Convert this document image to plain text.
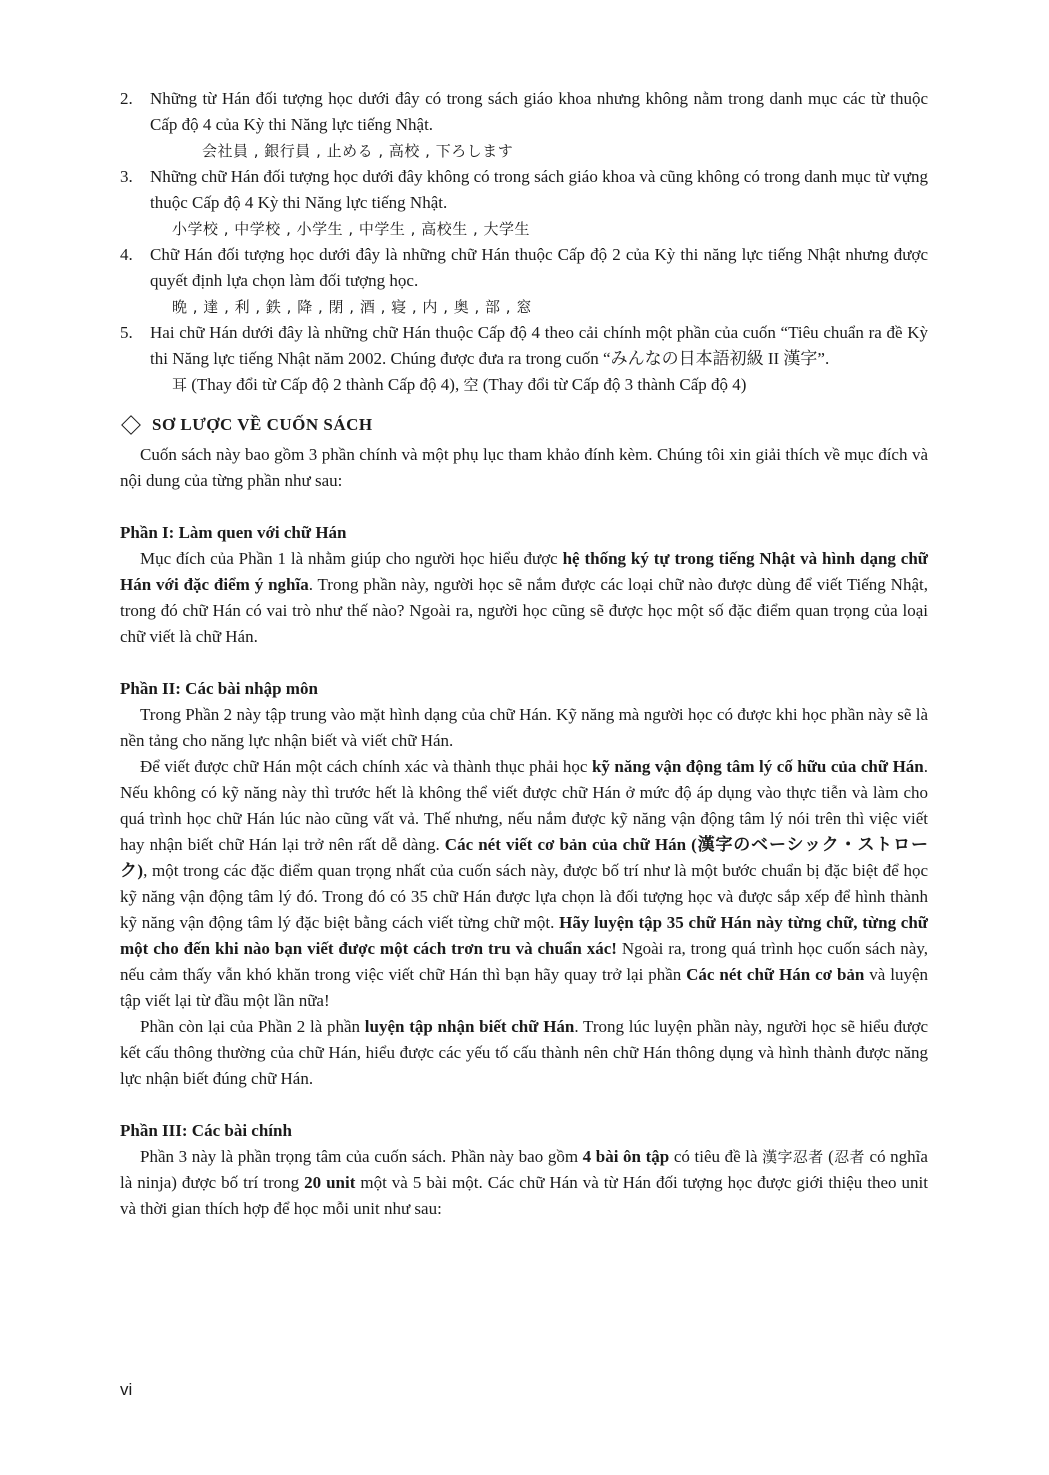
2.	Những từ Hán đối tượng học dưới đây có trong sách giáo khoa nhưng không nằm trong danh mục các từ thuộc Cấp độ 4 của Kỳ thi Năng lực tiếng Nhật.
会社員 , 銀行員 , 止める , 高校 , 下ろします
3.	Những chữ Hán đối tượng học dưới đây không có trong sách giáo khoa và cũng không có trong danh mục từ vựng thuộc Cấp độ 4 Kỳ thi Năng lực tiếng Nhật.
小学校 , 中学校 , 小学生 , 中学生 , 高校生 , 大学生
4.	Chữ Hán đối tượng học dưới đây là những chữ Hán thuộc Cấp độ 2 của Kỳ thi năng lực tiếng Nhật nhưng được quyết định lựa chọn làm đối tượng học.
晩 , 達 , 利 , 鉄 , 降 , 閉 , 酒 , 寝 , 内 , 奥 , 部 , 窓
5.	Hai chữ Hán dưới đây là những chữ Hán thuộc Cấp độ 4 theo cải chính một phần của cuốn “Tiêu chuẩn ra đề Kỳ thi Năng lực tiếng Nhật năm 2002. Chúng được đưa ra trong cuốn “みんなの日本語初級 II 漢字”.
耳 (Thay đổi từ Cấp độ 2 thành Cấp độ 4), 空 (Thay đổi từ Cấp độ 3 thành Cấp độ 4)
SƠ LƯỢC VỀ CUỐN SÁCH

Cuốn sách này bao gồm 3 phần chính và một phụ lục tham khảo đính kèm. Chúng tôi xin giải thích về mục đích và nội dung của từng phần như sau:

Phần I: Làm quen với chữ Hán

Mục đích của Phần 1 là nhằm giúp cho người học hiểu được hệ thống ký tự trong tiếng Nhật và hình dạng chữ Hán với đặc điểm ý nghĩa. Trong phần này, người học sẽ nắm được các loại chữ nào được dùng để viết Tiếng Nhật, trong đó chữ Hán có vai trò như thế nào? Ngoài ra, người học cũng sẽ được học một số đặc điểm quan trọng của loại chữ viết là chữ Hán.

Phần II: Các bài nhập môn

Trong Phần 2 này tập trung vào mặt hình dạng của chữ Hán. Kỹ năng mà người học có được khi học phần này sẽ là nền tảng cho năng lực nhận biết và viết chữ Hán.

Để viết được chữ Hán một cách chính xác và thành thục phải học kỹ năng vận động tâm lý cố hữu của chữ Hán. Nếu không có kỹ năng này thì trước hết là không thể viết được chữ Hán ở mức độ áp dụng vào thực tiễn và làm cho quá trình học chữ Hán lúc nào cũng vất vả. Thế nhưng, nếu nắm được kỹ năng vận động tâm lý nói trên thì việc viết hay nhận biết chữ Hán lại trở nên rất dễ dàng. Các nét viết cơ bản của chữ Hán (漢字のベーシック・ストローク), một trong các đặc điểm quan trọng nhất của cuốn sách này, được bố trí như là một bước chuẩn bị đặc biệt để học kỹ năng vận động tâm lý đó. Trong đó có 35 chữ Hán được lựa chọn là đối tượng học và được sắp xếp để hình thành kỹ năng vận động tâm lý đặc biệt bằng cách viết từng chữ một. Hãy luyện tập 35 chữ Hán này từng chữ, từng chữ một cho đến khi nào bạn viết được một cách trơn tru và chuẩn xác! Ngoài ra, trong quá trình học cuốn sách này, nếu cảm thấy vẫn khó khăn trong việc viết chữ Hán thì bạn hãy quay trở lại phần Các nét chữ Hán cơ bản và luyện tập viết lại từ đầu một lần nữa!

Phần còn lại của Phần 2 là phần luyện tập nhận biết chữ Hán. Trong lúc luyện phần này, người học sẽ hiểu được kết cấu thông thường của chữ Hán, hiểu được các yếu tố cấu thành nên chữ Hán thông dụng và hình thành được năng lực nhận biết đúng chữ Hán.

Phần III: Các bài chính

Phần 3 này là phần trọng tâm của cuốn sách. Phần này bao gồm 4 bài ôn tập có tiêu đề là 漢字忍者 (忍者 có nghĩa là ninja) được bố trí trong 20 unit một và 5 bài một. Các chữ Hán và từ Hán đối tượng học được giới thiệu theo unit và thời gian thích hợp để học mỗi unit như sau:

vi
